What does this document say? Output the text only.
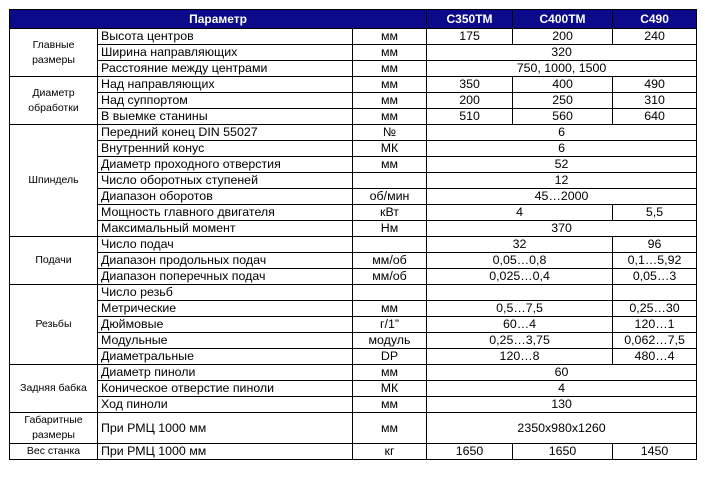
Параметр			С350ТМ	С400ТМ	С490
Главные размеры	Высота центров	мм	175	200	240
	Ширина направляющих	мм	320		
	Расстояние между центрами	мм	750, 1000, 1500		
Диаметр обработки	Над направляющих	мм	350	400	490
	Над суппортом	мм	200	250	310
	В выемке станины	мм	510	560	640
Шпиндель	Передний конец DIN 55027	№	6		
	Внутренний конус	МК	6		
	Диаметр проходного отверстия	мм	52		
	Число оборотных ступеней		12		
	Диапазон оборотов	об/мин	45…2000		
	Мощность главного двигателя	кВт	4		5,5
	Максимальный момент	Нм	370		
Подачи	Число подач		32		96
	Диапазон продольных подач	мм/об	0,05…0,8		0,1…5,92
	Диапазон поперечных подач	мм/об	0,025…0,4		0,05…3
Резьбы	Число резьб				
	Метрические	мм	0,5…7,5		0,25…30
	Дюймовые	г/1”	60…4		120…1
	Модульные	модуль	0,25…3,75		0,062…7,5
	Диаметральные	DP	120…8		480…4
Задняя бабка	Диаметр пиноли	мм	60		
	Коническое отверстие пиноли	МК	4		
	Ход пиноли	мм	130		
Габаритные размеры	При РМЦ 1000 мм	мм	2350x980x1260		
Вес станка	При РМЦ 1000 мм	кг	1650	1650	1450
